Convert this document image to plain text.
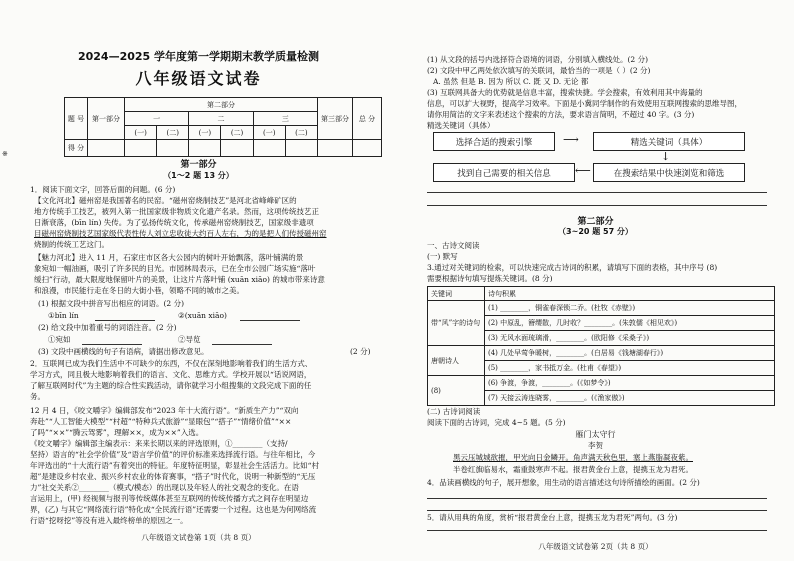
※
2024—2025 学年度第一学期期末教学质量检测
八年级语文试卷
题 号	第一部分	第二部分						第三部分	总 分
		一		二		三			
		(一)	(二)	(一)	(二)	(一)	(二)		
得 分									
第一部分
（1～2 题 13 分）
1．阅读下面文字，回答后面的问题。(6 分)
【文化河北】磁州窑是我国著名的民窑。“磁州窑烧制技艺”是河北省峰峰矿区的
地方传统手工技艺，被列入第一批国家级非物质文化遗产名录。然而，这项传统技艺正
日渐衰落，(bīn lín) 失传。为了弘扬传统文化，传承磁州窑烧制技艺，国家级非遗项
目磁州窑烧制技艺国家级代表性传人刘立忠收徒大约百人左右，为的是把人们传授磁州窑
烧制的传统工艺这门。
【魅力河北】进入 11 月，石家庄市区各大公园内的树叶开始飘落，落叶铺满的景
象宛如一幅油画，吸引了许多民的目光。市园林局表示，已在全市公园广场实施“落叶
缓扫”行动，最大限度地保留叶片的美景，让这片片落叶铺 (xuān xiāo) 的城市带来诗意
和浪漫，市民能行走在冬日的大街小巷，领略不同的城市之美。
(1) 根据文段中拼音写出相应的词语。(2 分)
①bīn lín	②(xuān xiāo)
(2) 给文段中加着重号的词语注音。(2 分)
①宛如	②导览
(3) 文段中画横线的句子有语病，请据出修改意见。	(2 分)
2．互联网已成为我们生活中不可缺少的东西，不仅在深刻地影响着我们的生活方式、
学习方式，同且极大地影响着我们的语言、文化、思维方式。学校开展以“话说网语，
了解互联网时代”为主题的综合性实践活动，请你就学习小组搜集的文段完成下面的任
务。
12 月 4 日，《咬文嚼字》编辑部发布“2023 年十大流行语”。“新质生产力”“双向
奔赴”“人工智能大模型”“村超”“特种兵式旅游”“显眼包”“搭子”“情绪价值”“××
了吗”“××”“腾云驾雾”，理解××，成为××”入选。
《咬文嚼字》编辑部主编表示：来来长期以来的评选原则，①________（支持/
坚持）语言的“社会学价值”及“语言学价值”的评价标准来选择流行语。与往年相比，今
年评选出的“十大流行语”有着突出的特征。年度特征明显，彰显社会生活活力。比如“村
超”是建设乡村农业、振兴乡村农业的体育赛事，“搭子”时代化，说明一种新型的“无压
力”社交关系②________（模式/模态）的出现以及年轻人的社交观念的变化。在语
言运用上，(甲) 经视频与报刊等传统媒体甚至互联网的传统传播方式之间存在明显边
界，(乙) 与其它“网络流行语”特化成“全民流行语”还需要一个过程。这也是为何网络流
行语“挖呀挖”等没有进入最终榜单的原因之一。
八年级语文试卷第 1页（共 8 页）
(1) 从文段的括号内选择符合语境的词语，分别填入横线处。(2 分)
(2) 文段中甲乙两处依次填写的关联词，最恰当的一项是（ ）(2 分)
A. 虽然 但是 B. 因为 所以 C. 既 又 D. 无论 都
(3) 互联网具备大的优势就是信息丰富，搜索快捷。学会搜索，有效利用其中海量的
信息，可以扩大视野，提高学习效率。下面是小冀同学制作的有效使用互联网搜索的思维导图，
请你用简洁的文字来表述这个搜索的方法，要求语言简明，不超过 40 字。(3 分)
精选关键词（具体）
选择合适的搜索引擎	⟶	精选关键词（具体）
↓
找到自己需要的相关信息	⟵	在搜索结果中快速浏览和筛选
第二部分
（3~20 题 57 分）
一、古诗文阅读
(一) 默写
3.通过对关键词的检索，可以快速完成古诗词的积累，请填写下面的表格，其中序号 (8)
需要根据诗句填写提炼关键词。(8 分)
关键词	诗句积累
带“风”字的诗句	(1) ________，铜雀春深锁二乔。(杜牧《赤壁》)
	(2) 中原乱，簪缨散，几时收？________。(朱敦儒《相见欢》)
	(3) 无风水面琉璃滑，________。(欧阳修《采桑子》)
唐朝诗人	(4) 几处早莺争暖树，________。(白居易《钱塘湖春行》)
	(5) ________，家书抵万金。(杜甫《春望》)
(8)	(6) 争渡，争渡，________。(《如梦令》)
	(7) 天接云涛连晓雾，________。(《渔家傲》)
(二) 古诗词阅读
阅读下面的古诗词，完成 4~5 题。(5 分)
雁门太守行
李贺
黑云压城城欲摧，甲光向日金鳞开。角声满天秋色里，塞上燕脂凝夜紫。
半卷红旗临易水，霜重鼓寒声不起。报君黄金台上意，提携玉龙为君死。
4．品读画横线的句子，展开想象，用生动的语言描述这句诗所描绘的画面。(2 分)
5．请从用典的角度，赏析“报君黄金台上意，提携玉龙为君死”两句。(3 分)
八年级语文试卷第 2页（共 8 页）
